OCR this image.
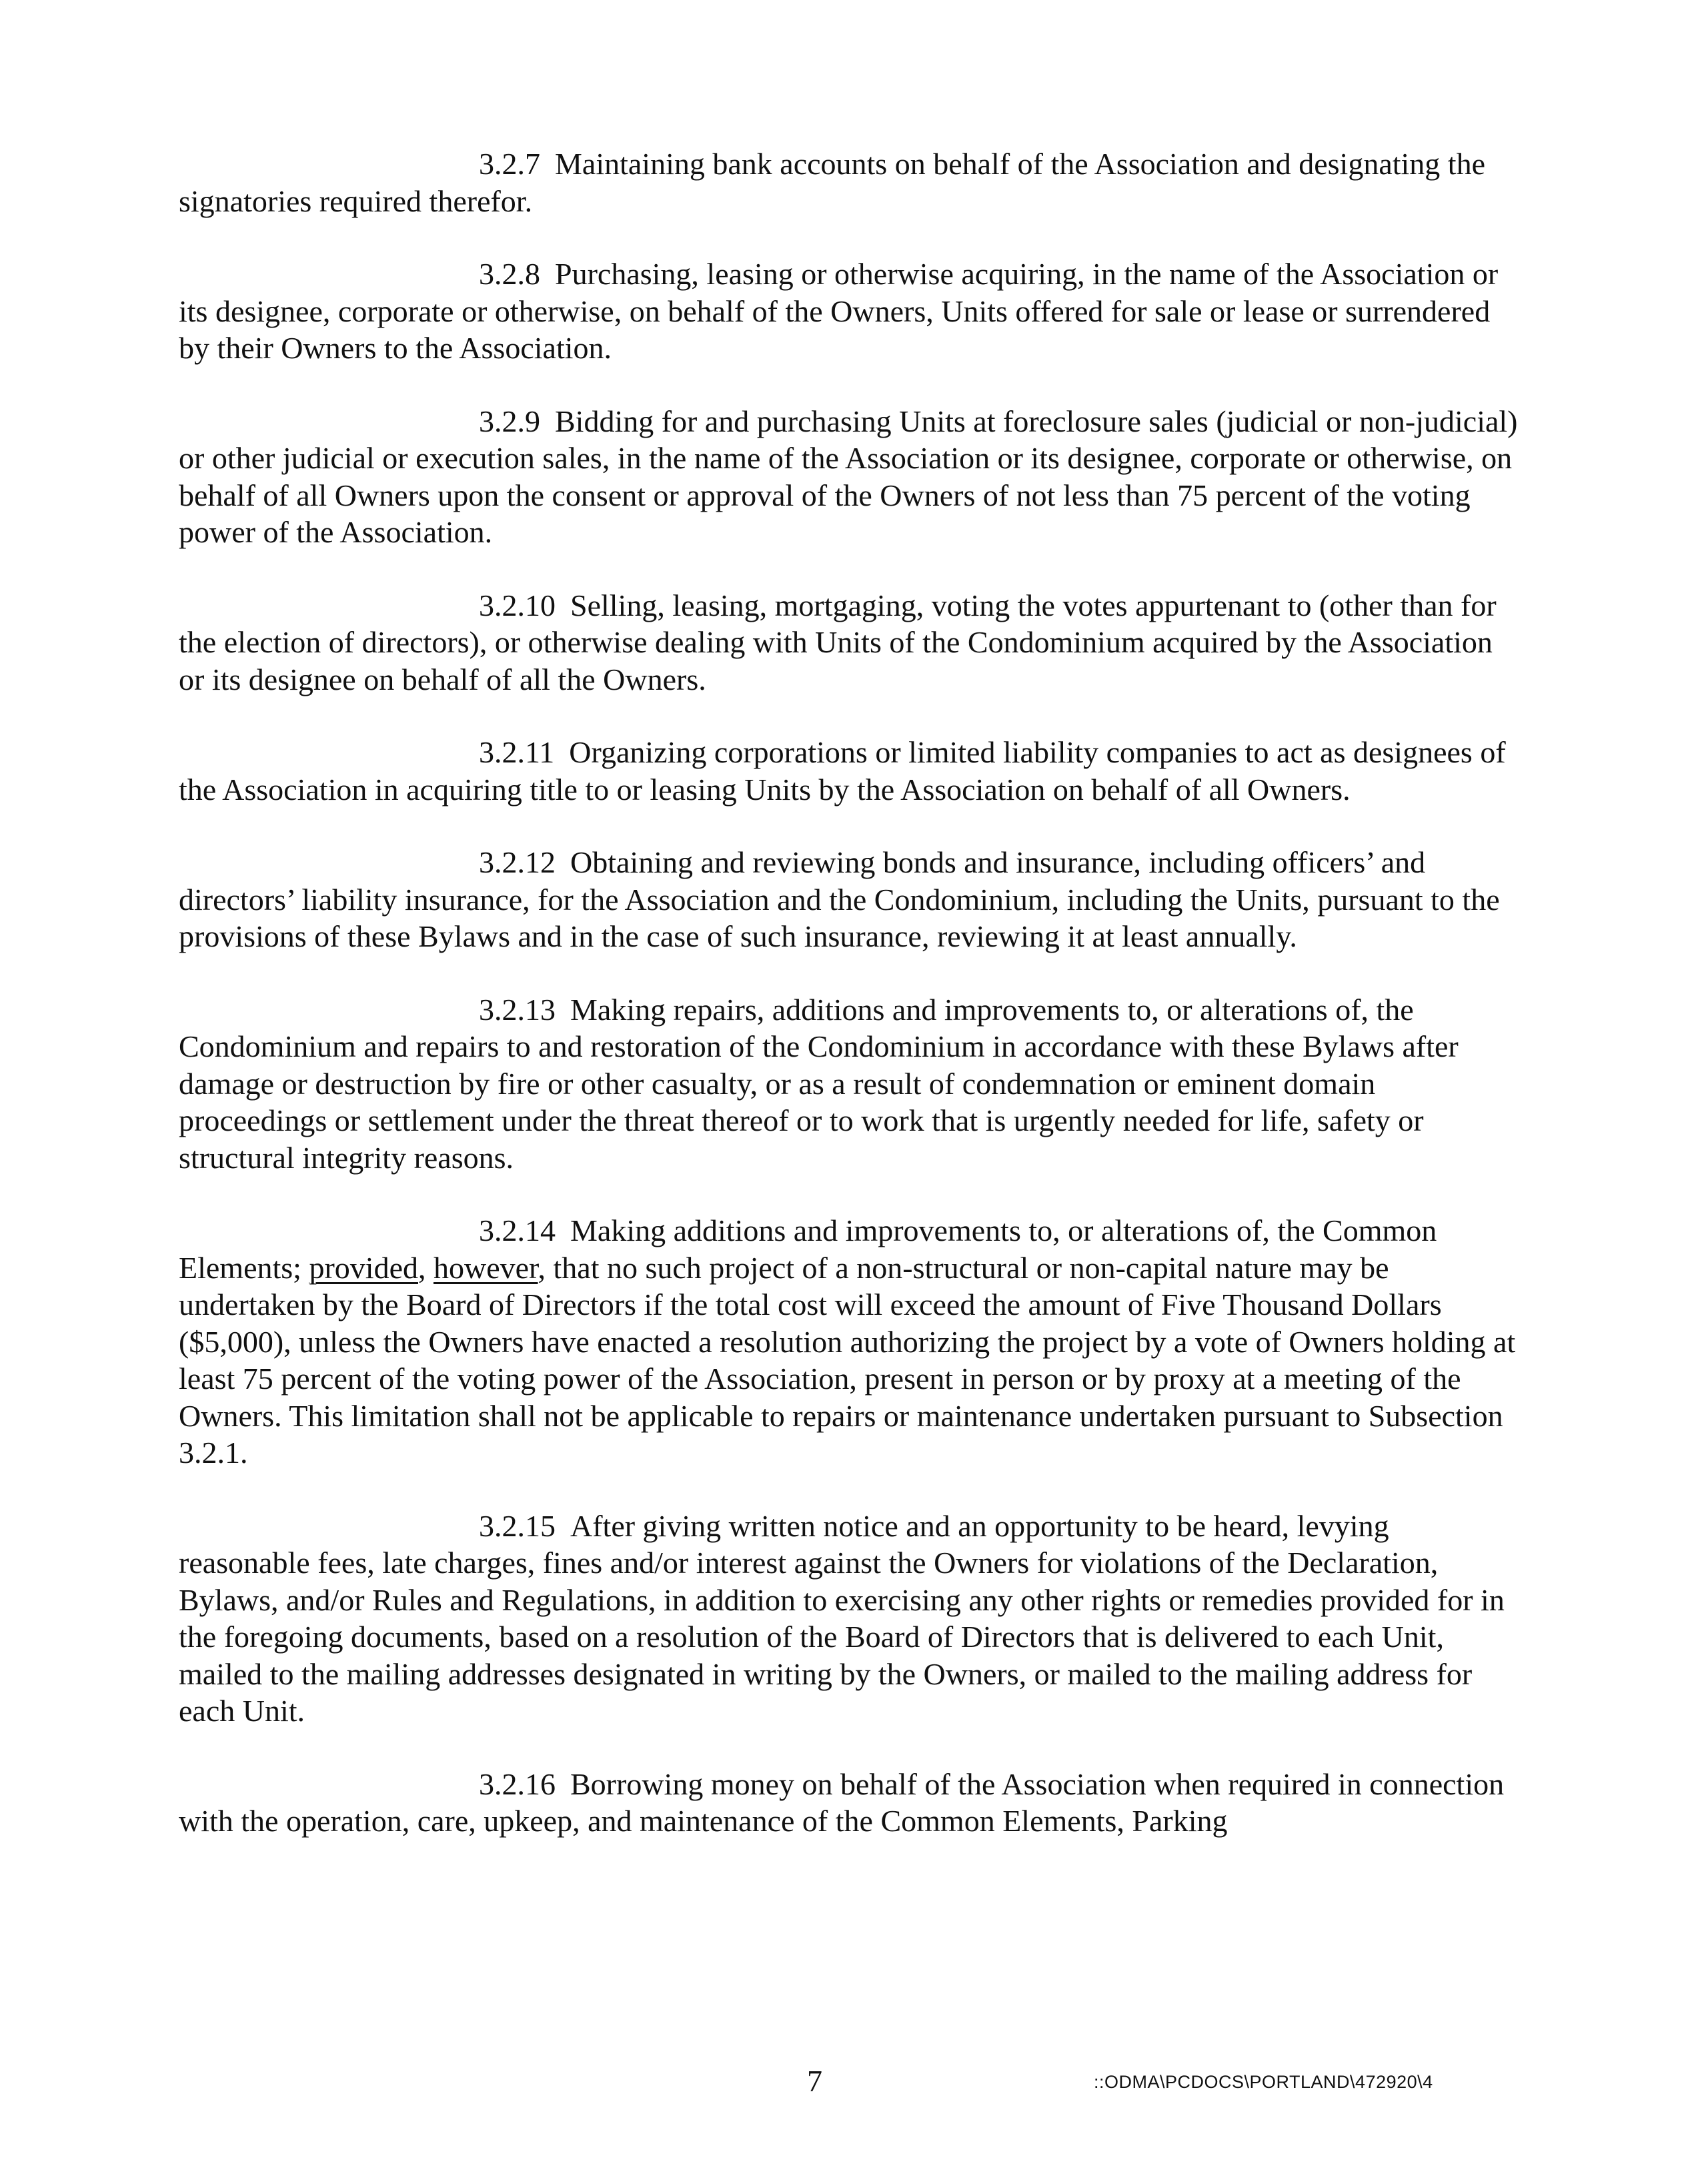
3.2.7 Maintaining bank accounts on behalf of the Association and designating the signatories required therefor.

3.2.8 Purchasing, leasing or otherwise acquiring, in the name of the Association or its designee, corporate or otherwise, on behalf of the Owners, Units offered for sale or lease or surrendered by their Owners to the Association.

3.2.9 Bidding for and purchasing Units at foreclosure sales (judicial or non-judicial) or other judicial or execution sales, in the name of the Association or its designee, corporate or otherwise, on behalf of all Owners upon the consent or approval of the Owners of not less than 75 percent of the voting power of the Association.

3.2.10 Selling, leasing, mortgaging, voting the votes appurtenant to (other than for the election of directors), or otherwise dealing with Units of the Condominium acquired by the Association or its designee on behalf of all the Owners.

3.2.11 Organizing corporations or limited liability companies to act as designees of the Association in acquiring title to or leasing Units by the Association on behalf of all Owners.

3.2.12 Obtaining and reviewing bonds and insurance, including officers’ and directors’ liability insurance, for the Association and the Condominium, including the Units, pursuant to the provisions of these Bylaws and in the case of such insurance, reviewing it at least annually.

3.2.13 Making repairs, additions and improvements to, or alterations of, the Condominium and repairs to and restoration of the Condominium in accordance with these Bylaws after damage or destruction by fire or other casualty, or as a result of condemnation or eminent domain proceedings or settlement under the threat thereof or to work that is urgently needed for life, safety or structural integrity reasons.

3.2.14 Making additions and improvements to, or alterations of, the Common Elements; provided, however, that no such project of a non-structural or non-capital nature may be undertaken by the Board of Directors if the total cost will exceed the amount of Five Thousand Dollars ($5,000), unless the Owners have enacted a resolution authorizing the project by a vote of Owners holding at least 75 percent of the voting power of the Association, present in person or by proxy at a meeting of the Owners. This limitation shall not be applicable to repairs or maintenance undertaken pursuant to Subsection 3.2.1.

3.2.15 After giving written notice and an opportunity to be heard, levying reasonable fees, late charges, fines and/or interest against the Owners for violations of the Declaration, Bylaws, and/or Rules and Regulations, in addition to exercising any other rights or remedies provided for in the foregoing documents, based on a resolution of the Board of Directors that is delivered to each Unit, mailed to the mailing addresses designated in writing by the Owners, or mailed to the mailing address for each Unit.

3.2.16 Borrowing money on behalf of the Association when required in connection with the operation, care, upkeep, and maintenance of the Common Elements, Parking

7	::ODMA\PCDOCS\PORTLAND\472920\4
